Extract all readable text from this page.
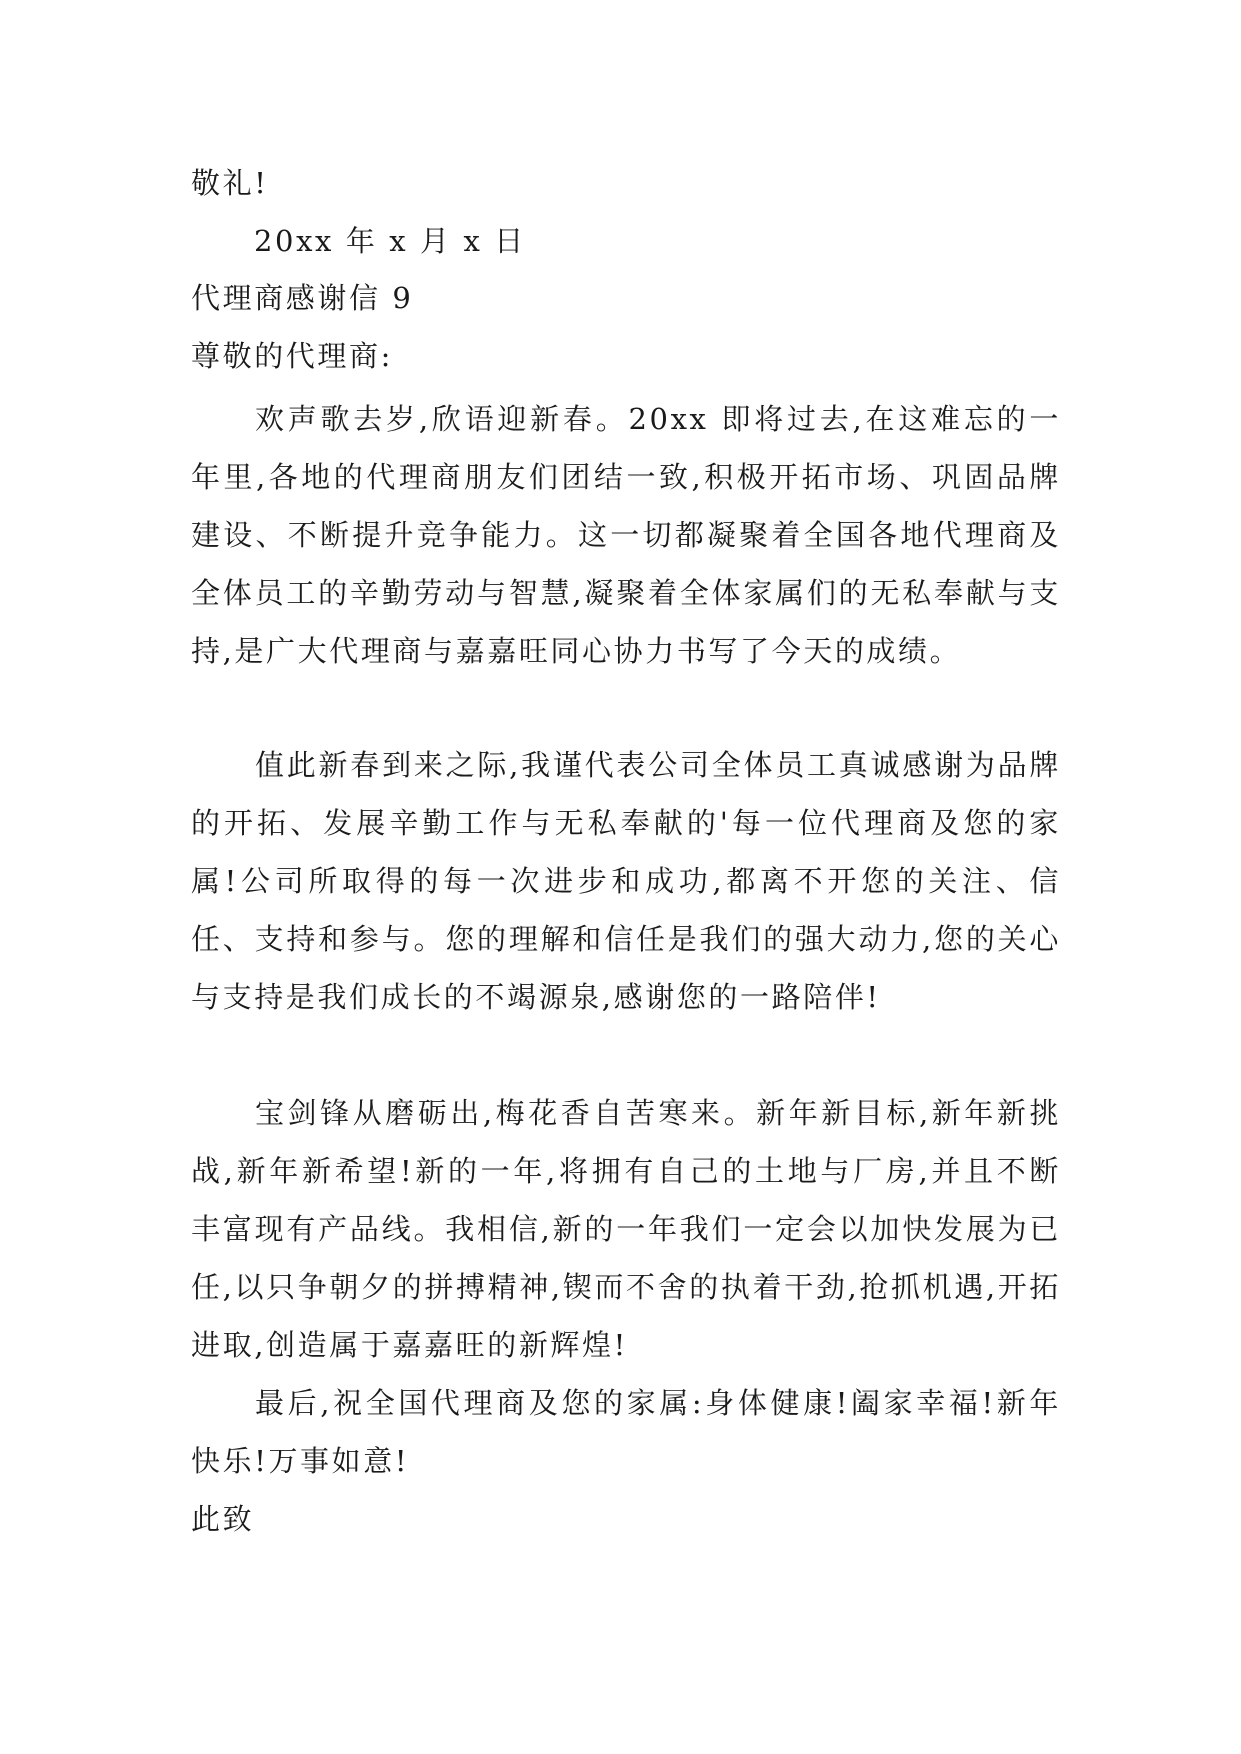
敬礼!
20xx 年 x 月 x 日
代理商感谢信 9
尊敬的代理商:
欢声歌去岁,欣语迎新春。20xx 即将过去,在这难忘的一年里,各地的代理商朋友们团结一致,积极开拓市场、巩固品牌建设、不断提升竞争能力。这一切都凝聚着全国各地代理商及全体员工的辛勤劳动与智慧,凝聚着全体家属们的无私奉献与支持,是广大代理商与嘉嘉旺同心协力书写了今天的成绩。
值此新春到来之际,我谨代表公司全体员工真诚感谢为品牌的开拓、发展辛勤工作与无私奉献的'每一位代理商及您的家属!公司所取得的每一次进步和成功,都离不开您的关注、信任、支持和参与。您的理解和信任是我们的强大动力,您的关心与支持是我们成长的不竭源泉,感谢您的一路陪伴!
宝剑锋从磨砺出,梅花香自苦寒来。新年新目标,新年新挑战,新年新希望!新的一年,将拥有自己的土地与厂房,并且不断丰富现有产品线。我相信,新的一年我们一定会以加快发展为已任,以只争朝夕的拼搏精神,锲而不舍的执着干劲,抢抓机遇,开拓进取,创造属于嘉嘉旺的新辉煌!
最后,祝全国代理商及您的家属:身体健康!阖家幸福!新年快乐!万事如意!
此致
